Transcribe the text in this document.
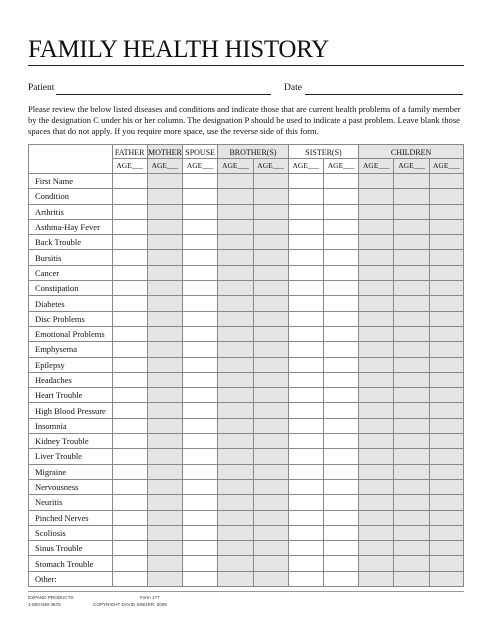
FAMILY HEALTH HISTORY
Patient	Date
Please review the below listed diseases and conditions and indicate those that are current health problems of a family member by the designation C under his or her column. The designation P should be used to indicate a past problem. Leave blank those spaces that do not apply. If you require more space, use the reverse side of this form.
	FATHER	MOTHER	SPOUSE	BROTHER(S)		SISTER(S)		CHILDREN		
	AGE___	AGE___	AGE___	AGE___	AGE___	AGE___	AGE___	AGE___	AGE___	AGE___
First Name										
Condition										
Arthritis										
Asthma-Hay Fever										
Back Trouble										
Bursitis										
Cancer										
Constipation										
Diabetes										
Disc Problems										
Emotional Problems										
Emphysema										
Epilepsy										
Headaches										
Heart Trouble										
High Blood Pressure										
Insomnia										
Kidney Trouble										
Liver Trouble										
Migraine										
Nervousness										
Neuritis										
Pinched Nerves										
Scoliosis										
Sinus Trouble										
Stomach Trouble										
Other:										
EXPAND PRODUCTS	Form 177
1-800-848-3676	COPYRIGHT DAVID SINGER, 2009
